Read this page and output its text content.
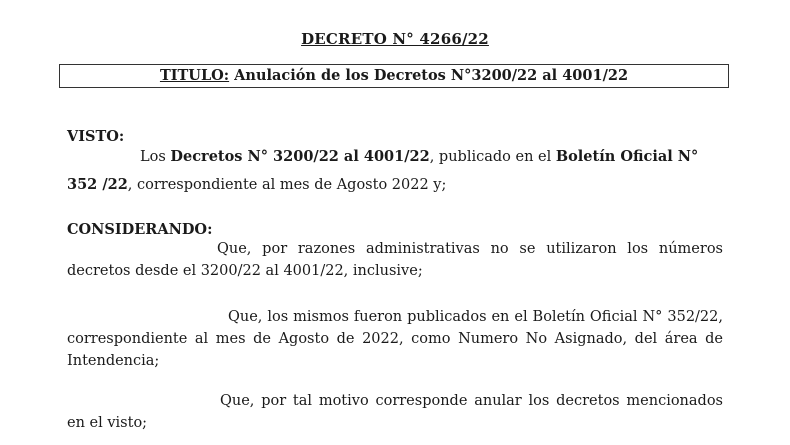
DECRETO N° 4266/22
TITULO: Anulación de los Decretos N°3200/22 al 4001/22
VISTO:
Los Decretos N° 3200/22 al 4001/22, publicado en el Boletín Oficial N°
352 /22, correspondiente al mes de Agosto 2022 y;
CONSIDERANDO:
Que, por razones administrativas no se utilizaron los números decretos desde el 3200/22 al 4001/22, inclusive;
Que, los mismos fueron publicados en el Boletín Oficial N° 352/22, correspondiente al mes de Agosto de 2022, como Numero No Asignado, del área de Intendencia;
Que, por tal motivo corresponde anular los decretos mencionados en el visto;
